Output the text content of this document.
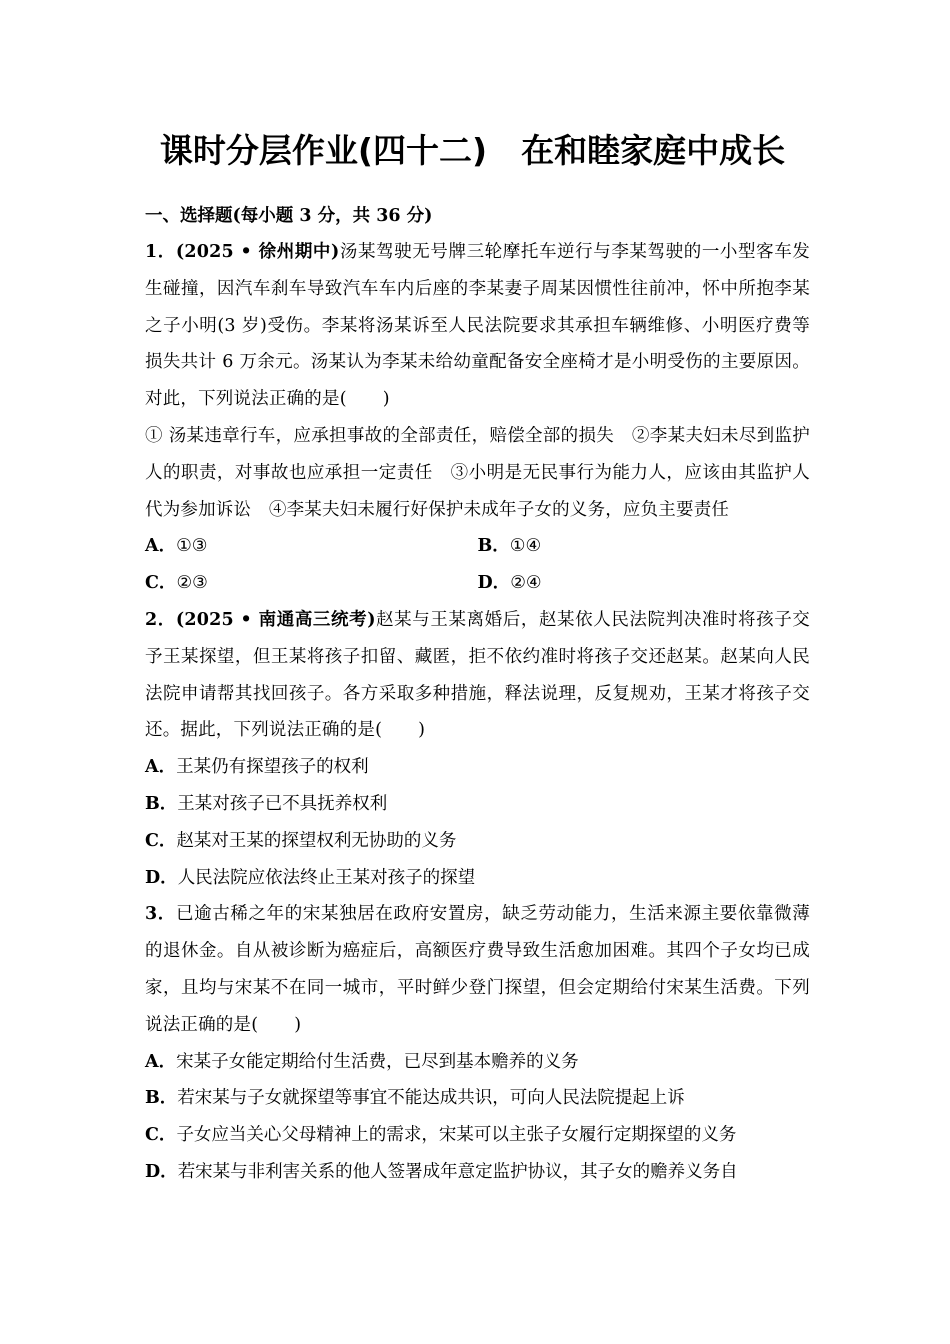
课时分层作业(四十二) 在和睦家庭中成长

一、选择题(每小题 3 分，共 36 分)

1．(2025 • 徐州期中)汤某驾驶无号牌三轮摩托车逆行与李某驾驶的一小型客车发生碰撞，因汽车刹车导致汽车车内后座的李某妻子周某因惯性往前冲，怀中所抱李某之子小明(3 岁)受伤。李某将汤某诉至人民法院要求其承担车辆维修、小明医疗费等损失共计 6 万余元。汤某认为李某未给幼童配备安全座椅才是小明受伤的主要原因。对此，下列说法正确的是( )

① 汤某违章行车，应承担事故的全部责任，赔偿全部的损失　②李某夫妇未尽到监护人的职责，对事故也应承担一定责任　③小明是无民事行为能力人，应该由其监护人代为参加诉讼　④李某夫妇未履行好保护未成年子女的义务，应负主要责任

A．①③	B．①④
C．②③	D．②④

2．(2025 • 南通高三统考)赵某与王某离婚后，赵某依人民法院判决准时将孩子交予王某探望，但王某将孩子扣留、藏匿，拒不依约准时将孩子交还赵某。赵某向人民法院申请帮其找回孩子。各方采取多种措施，释法说理，反复规劝，王某才将孩子交还。据此，下列说法正确的是( )

A．王某仍有探望孩子的权利

B．王某对孩子已不具抚养权利

C．赵某对王某的探望权利无协助的义务

D．人民法院应依法终止王某对孩子的探望

3．已逾古稀之年的宋某独居在政府安置房，缺乏劳动能力，生活来源主要依靠微薄的退休金。自从被诊断为癌症后，高额医疗费导致生活愈加困难。其四个子女均已成家，且均与宋某不在同一城市，平时鲜少登门探望，但会定期给付宋某生活费。下列说法正确的是( )

A．宋某子女能定期给付生活费，已尽到基本赡养的义务

B．若宋某与子女就探望等事宜不能达成共识，可向人民法院提起上诉

C．子女应当关心父母精神上的需求，宋某可以主张子女履行定期探望的义务

D．若宋某与非利害关系的他人签署成年意定监护协议，其子女的赡养义务自
